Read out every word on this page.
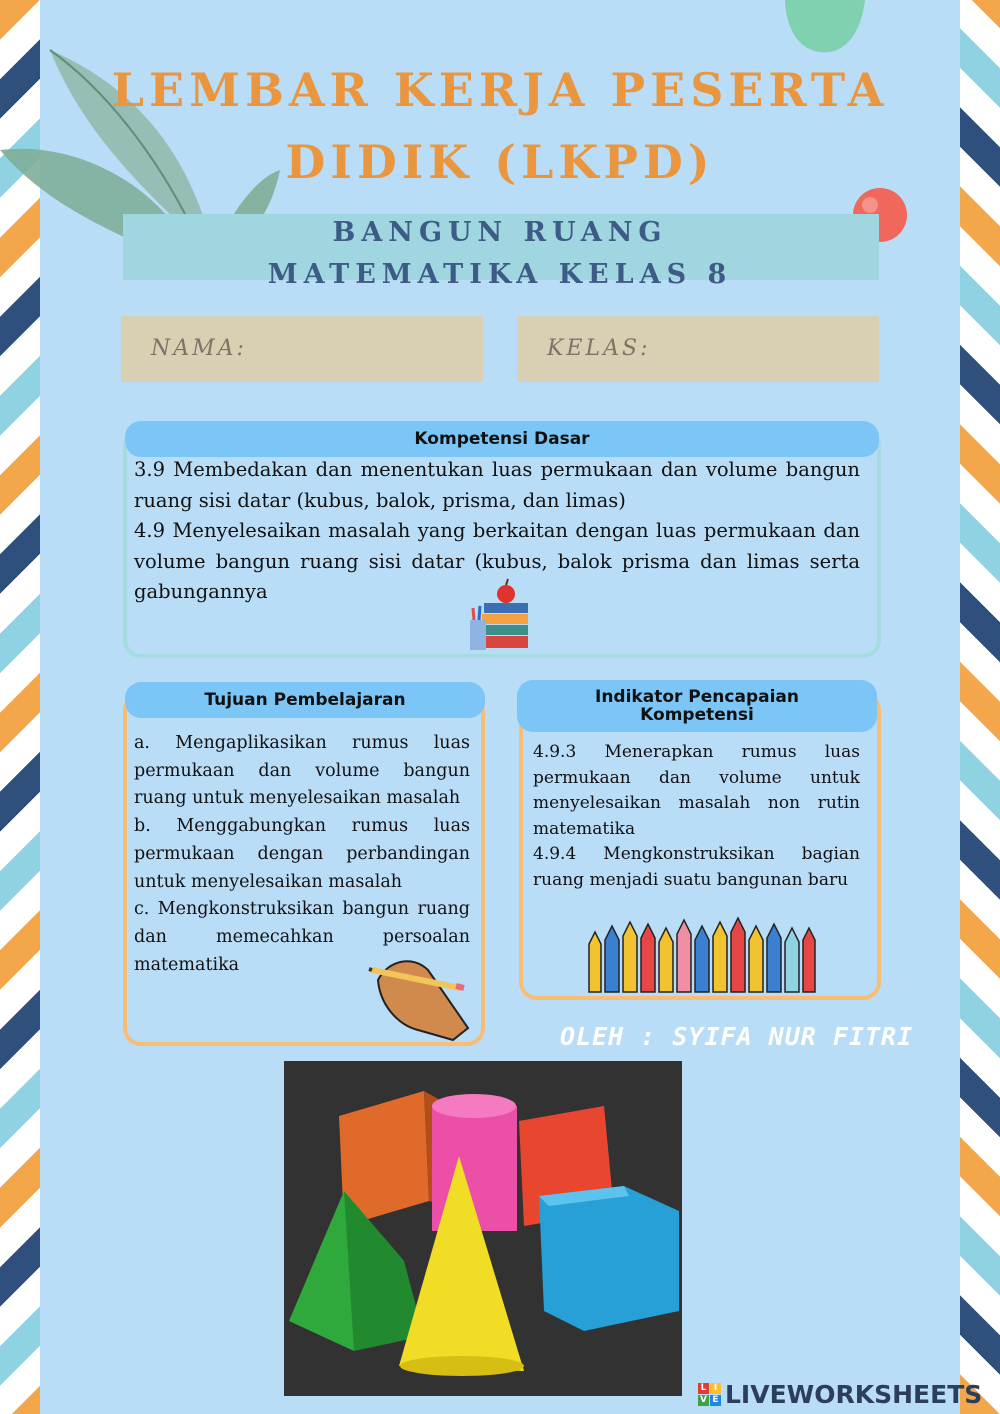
LEMBAR KERJA PESERTA
DIDIK (LKPD)
BANGUN RUANG
MATEMATIKA KELAS 8
NAMA:	KELAS:
Kompetensi Dasar
3.9 Membedakan dan menentukan luas permukaan dan volume bangun ruang sisi datar (kubus, balok, prisma, dan limas)
4.9 Menyelesaikan masalah yang berkaitan dengan luas permukaan dan volume bangun ruang sisi datar (kubus, balok prisma dan limas serta gabungannya
Tujuan Pembelajaran
a. Mengaplikasikan rumus luas permukaan dan volume bangun ruang untuk menyelesaikan masalah
b. Menggabungkan rumus luas permukaan dengan perbandingan untuk menyelesaikan masalah
c. Mengkonstruksikan bangun ruang dan memecahkan persoalan matematika
Indikator Pencapaian
Kompetensi
4.9.3 Menerapkan rumus luas permukaan dan volume untuk menyelesaikan masalah non rutin matematika
4.9.4 Mengkonstruksikan bagian ruang menjadi suatu bangunan baru
OLEH : SYIFA NUR FITRI
L I
V E LIVEWORKSHEETS
